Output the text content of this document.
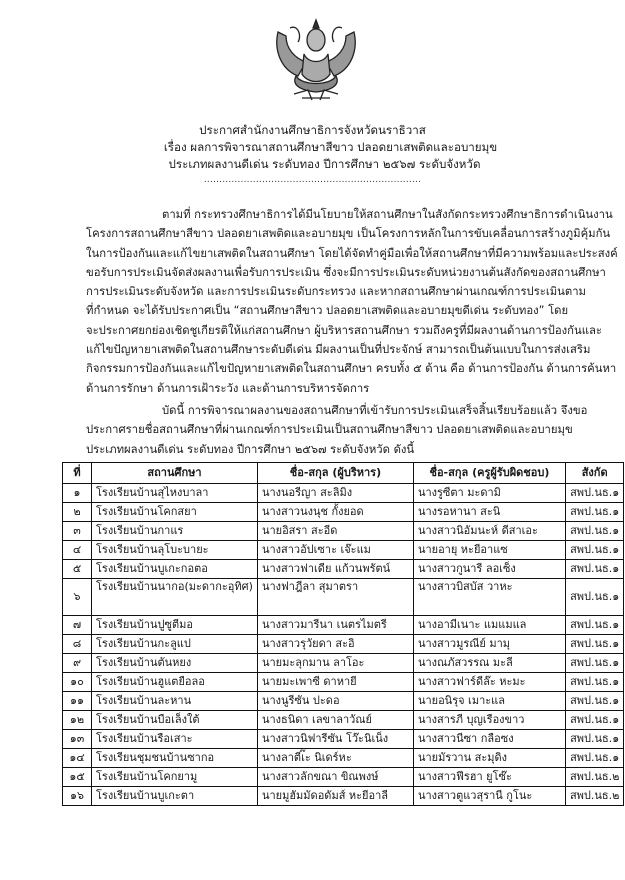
ประกาศสำนักงานศึกษาธิการจังหวัดนราธิวาส
เรื่อง ผลการพิจารณาสถานศึกษาสีขาว ปลอดยาเสพติดและอบายมุข
ประเภทผลงานดีเด่น ระดับทอง ปีการศึกษา ๒๕๖๗ ระดับจังหวัด
.......................................................................
ตามที่ กระทรวงศึกษาธิการได้มีนโยบายให้สถานศึกษาในสังกัดกระทรวงศึกษาธิการดำเนินงาน
โครงการสถานศึกษาสีขาว ปลอดยาเสพติดและอบายมุข เป็นโครงการหลักในการขับเคลื่อนการสร้างภูมิคุ้มกัน
ในการป้องกันและแก้ไขยาเสพติดในสถานศึกษา โดยได้จัดทำคู่มือเพื่อให้สถานศึกษาที่มีความพร้อมและประสงค์
ขอรับการประเมินจัดส่งผลงานเพื่อรับการประเมิน ซึ่งจะมีการประเมินระดับหน่วยงานต้นสังกัดของสถานศึกษา
การประเมินระดับจังหวัด และการประเมินระดับกระทรวง และหากสถานศึกษาผ่านเกณฑ์การประเมินตาม
ที่กำหนด จะได้รับประกาศเป็น “สถานศึกษาสีขาว ปลอดยาเสพติดและอบายมุขดีเด่น ระดับทอง” โดย
จะประกาศยกย่องเชิดชูเกียรติให้แก่สถานศึกษา ผู้บริหารสถานศึกษา รวมถึงครูที่มีผลงานด้านการป้องกันและ
แก้ไขปัญหายาเสพติดในสถานศึกษาระดับดีเด่น มีผลงานเป็นที่ประจักษ์ สามารถเป็นต้นแบบในการส่งเสริม
กิจกรรมการป้องกันและแก้ไขปัญหายาเสพติดในสถานศึกษา ครบทั้ง ๕ ด้าน คือ ด้านการป้องกัน ด้านการค้นหา
ด้านการรักษา ด้านการเฝ้าระวัง และด้านการบริหารจัดการ
บัดนี้ การพิจารณาผลงานของสถานศึกษาที่เข้ารับการประเมินเสร็จสิ้นเรียบร้อยแล้ว จึงขอ
ประกาศรายชื่อสถานศึกษาที่ผ่านเกณฑ์การประเมินเป็นสถานศึกษาสีขาว ปลอดยาเสพติดและอบายมุข
ประเภทผลงานดีเด่น ระดับทอง ปีการศึกษา ๒๕๖๗ ระดับจังหวัด ดังนี้
ที่	สถานศึกษา	ชื่อ-สกุล (ผู้บริหาร)	ชื่อ-สกุล (ครูผู้รับผิดชอบ)	สังกัด
๑	โรงเรียนบ้านสุไหงบาลา	นางนอรีญา สะลิมิง	นางรูซีตา มะดามิ	สพป.นธ.๑
๒	โรงเรียนบ้านโคกสยา	นางสาวนงนุช กั้งยอด	นางรอหานา สะนิ	สพป.นธ.๑
๓	โรงเรียนบ้านกาแร	นายอิสรา สะอีด	นางสาวนิอัมนะห์ ดีสาเอะ	สพป.นธ.๑
๔	โรงเรียนบ้านลุโบะบายะ	นางสาวอัปเซาะ เจ๊ะแม	นายอายุ หะยีอาแซ	สพป.นธ.๑
๕	โรงเรียนบ้านบูเกะกอตอ	นางสาวฟาเดีย แก้วนพรัตน์	นางสาวกูนารี ลอเซ็ง	สพป.นธ.๑
๖	โรงเรียนบ้านนากอ(มะดากะอุทิศ)	นางฟาฎีลา สุมาตรา	นางสาวบิสบัส วาหะ	สพป.นธ.๑
๗	โรงเรียนบ้านปูซูตีมอ	นางสาวมารีนา เนตรไมตรี	นางอามีเนาะ แมแมแล	สพป.นธ.๑
๘	โรงเรียนบ้านกะลูแป	นางสาวรุวัยดา สะอิ	นางสาวมูรณีย์ มามุ	สพป.นธ.๑
๙	โรงเรียนบ้านตันหยง	นายมะลุกมาน ลาโอะ	นางณภัสวรรณ มะลี	สพป.นธ.๑
๑๐	โรงเรียนบ้านฮูแตยือลอ	นายมะเพาซี ดาหายี	นางสาวฟาร์ดีล๊ะ หะมะ	สพป.นธ.๑
๑๑	โรงเรียนบ้านละหาน	นางนูรีซัน ปะดอ	นายอนิรุจ เมาะแล	สพป.นธ.๑
๑๒	โรงเรียนบ้านบือเล็งใต้	นางธนิดา เลขาลาวัณย์	นางสารภี บุญเรืองขาว	สพป.นธ.๑
๑๓	โรงเรียนบ้านรือเสาะ	นางสาวนิฟารีซัน โว๊ะนิเน็ง	นางสาวนีซา กลือซง	สพป.นธ.๑
๑๔	โรงเรียนชุมชนบ้านซากอ	นางลาตีเ๊ะ นิเดร์หะ	นายมัรวาน สะมุดิง	สพป.นธ.๑
๑๕	โรงเรียนบ้านโคกยามู	นางสาวลักขณา ขิณพงษ์	นางสาวฟีรฮา ยูโซ๊ะ	สพป.นธ.๒
๑๖	โรงเรียนบ้านบูเกะตา	นายมูฮัมมัดอดัมส์ หะยีอาลี	นางสาวตูแวสุรานี กูโนะ	สพป.นธ.๒
